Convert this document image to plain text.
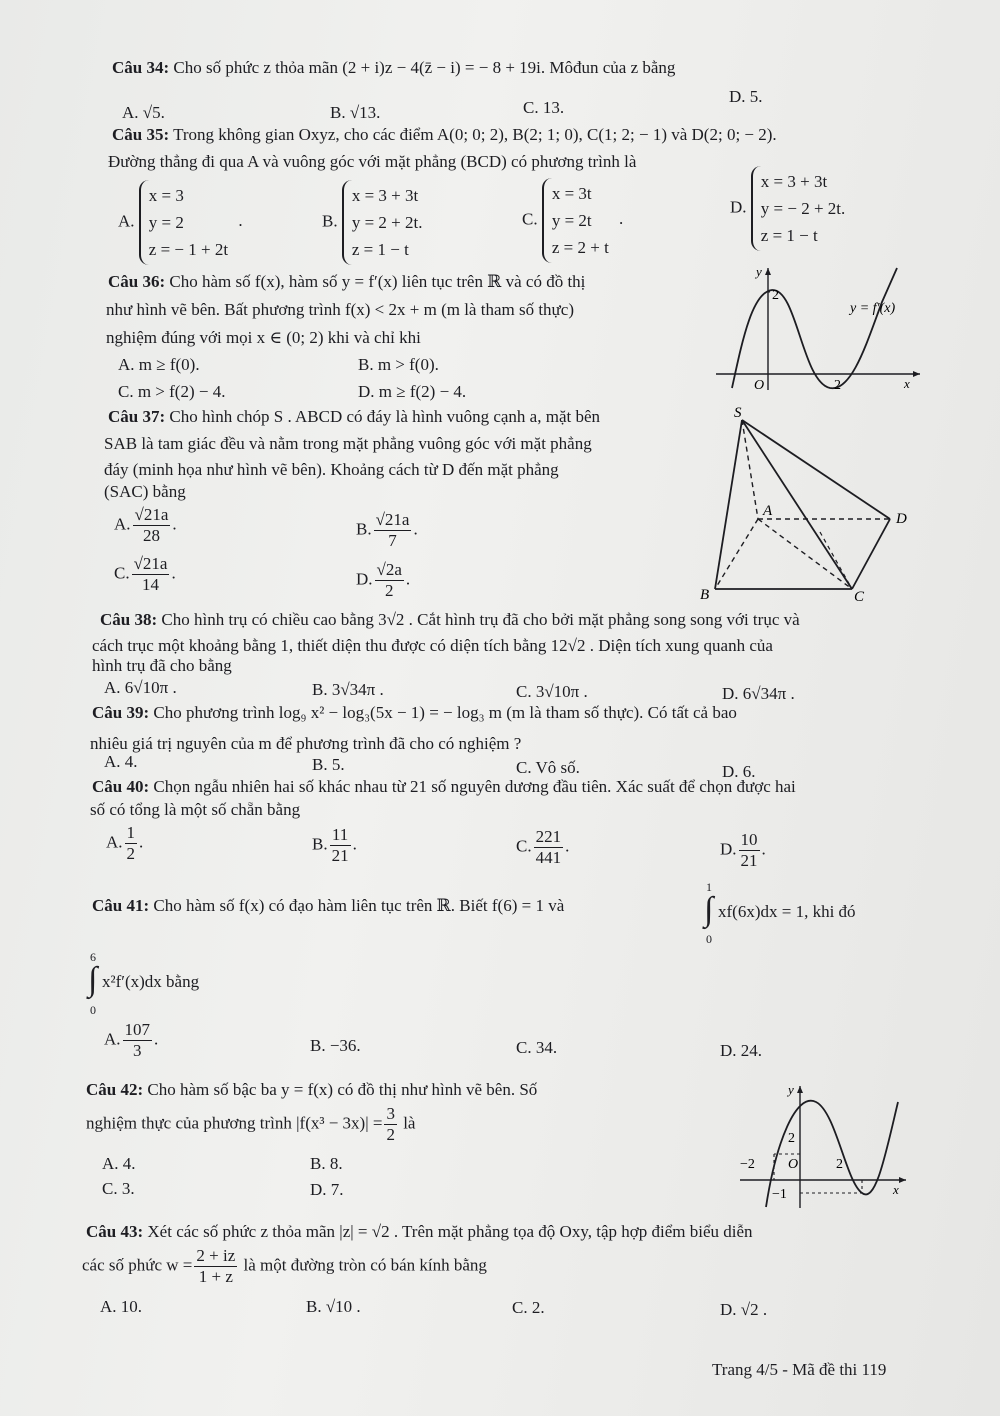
Câu 34: Cho số phức z thỏa mãn (2 + i)z − 4(z̄ − i) = − 8 + 19i. Môđun của z bằng
A. √5.	B. √13.	C. 13.
D. 5.
Câu 35: Trong không gian Oxyz, cho các điểm A(0; 0; 2), B(2; 1; 0), C(1; 2; − 1) và D(2; 0; − 2).
Đường thẳng đi qua A và vuông góc với mặt phẳng (BCD) có phương trình là
A.
x = 3
y = 2
z = − 1 + 2t
.	B.
x = 3 + 3t
y = 2 + 2t.
z = 1 − t
C.
x = 3t
y = 2t
z = 2 + t
.
D.
x = 3 + 3t
y = − 2 + 2t.
z = 1 − t
Câu 36: Cho hàm số f(x), hàm số y = f′(x) liên tục trên ℝ và có đồ thị
như hình vẽ bên. Bất phương trình f(x) < 2x + m (m là tham số thực)
nghiệm đúng với mọi x ∈ (0; 2) khi và chỉ khi
A. m ≥ f(0).	B. m > f(0).
C. m > f(2) − 4.	D. m ≥ f(2) − 4.
y
x
O
2
2
y = f′(x)
Câu 37: Cho hình chóp S . ABCD có đáy là hình vuông cạnh a, mặt bên
SAB là tam giác đều và nằm trong mặt phẳng vuông góc với mặt phẳng
đáy (minh họa như hình vẽ bên). Khoảng cách từ D đến mặt phẳng
(SAC) bằng
A. $\frac{√21a}{28}$ .	B. $\frac{√21a}{7}$ .
C. $\frac{√21a}{14}$ .	D. $\frac{√2a}{2}$ .
S
A
B	C
D
Câu 38: Cho hình trụ có chiều cao bằng 3√2 . Cắt hình trụ đã cho bởi mặt phẳng song song với trục và
cách trục một khoảng bằng 1, thiết diện thu được có diện tích bằng 12√2 . Diện tích xung quanh của
hình trụ đã cho bằng
A. 6√10π .	B. 3√34π .	C. 3√10π .	D. 6√34π .
Câu 39: Cho phương trình log₉ x² − log₃(5x − 1) = − log₃ m (m là tham số thực). Có tất cả bao
nhiêu giá trị nguyên của m để phương trình đã cho có nghiệm ?
A. 4.	B. 5.	C. Vô số.	D. 6.
Câu 40: Chọn ngẫu nhiên hai số khác nhau từ 21 số nguyên dương đầu tiên. Xác suất để chọn được hai
số có tổng là một số chẵn bằng
A. $\frac{1}{2}$ .	B. $\frac{11}{21}$ .	C. $\frac{221}{441}$ .	D. $\frac{10}{21}$ .
Câu 41: Cho hàm số f(x) có đạo hàm liên tục trên ℝ. Biết f(6) = 1 và
1
∫
0
xf(6x)dx = 1, khi đó
6
∫
0
x²f′(x)dx bằng
A. $\frac{107}{3}$ .	B. −36.	C. 34.	D. 24.
Câu 42: Cho hàm số bậc ba y = f(x) có đồ thị như hình vẽ bên. Số
nghiệm thực của phương trình $|f(x^3 - 3x)| = \frac{3}{2}$ là
A. 4.	B. 8.
C. 3.	D. 7.
y
x
2
O
−2	2
−1
Câu 43: Xét các số phức z thỏa mãn |z| = √2 . Trên mặt phẳng tọa độ Oxy, tập hợp điểm biểu diễn
các số phức $w = \frac{2 + iz}{1 + z}$ là một đường tròn có bán kính bằng
A. 10.	B. √10 .	C. 2.	D. √2 .
Trang 4/5 - Mã đề thi 119
